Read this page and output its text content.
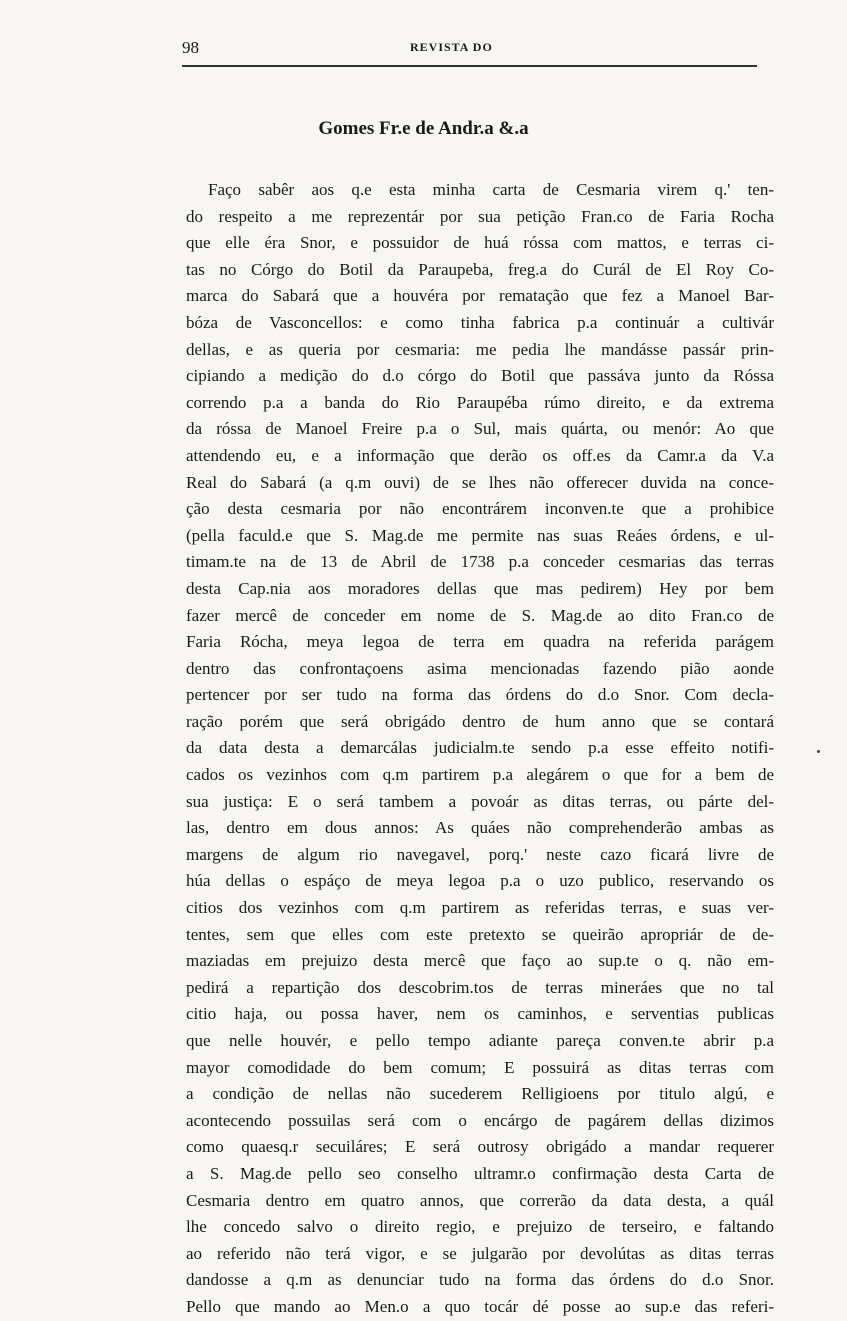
98	REVISTA DO
Gomes Fr.e de Andr.a &.a
Faço sabêr aos q.e esta minha carta de Cesmaria virem q.' ten-
do respeito a me reprezentár por sua petição Fran.co de Faria Rocha
que elle éra Snor, e possuidor de huá róssa com mattos, e terras ci-
tas no Córgo do Botil da Paraupeba, freg.a do Curál de El Roy Co-
marca do Sabará que a houvéra por rematação que fez a Manoel Bar-
bóza de Vasconcellos: e como tinha fabrica p.a continuár a cultivár
dellas, e as queria por cesmaria: me pedia lhe mandásse passár prin-
cipiando a medição do d.o córgo do Botil que passáva junto da Róssa
correndo p.a a banda do Rio Paraupéba rúmo direito, e da extrema
da róssa de Manoel Freire p.a o Sul, mais quárta, ou menór: Ao que
attendendo eu, e a informação que derão os off.es da Camr.a da V.a
Real do Sabará (a q.m ouvi) de se lhes não offerecer duvida na conce-
ção desta cesmaria por não encontrárem inconven.te que a prohibice
(pella faculd.e que S. Mag.de me permite nas suas Reáes órdens, e ul-
timam.te na de 13 de Abril de 1738 p.a conceder cesmarias das terras
desta Cap.nia aos moradores dellas que mas pedirem) Hey por bem
fazer mercê de conceder em nome de S. Mag.de ao dito Fran.co de
Faria Rócha, meya legoa de terra em quadra na referida parágem
dentro das confrontaçoens asima mencionadas fazendo pião aonde
pertencer por ser tudo na forma das órdens do d.o Snor. Com decla-
ração porém que será obrigádo dentro de hum anno que se contará
da data desta a demarcálas judicialm.te sendo p.a esse effeito notifi-
cados os vezinhos com q.m partirem p.a alegárem o que for a bem de
sua justiça: E o será tambem a povoár as ditas terras, ou párte del-
las, dentro em dous annos: As quáes não comprehenderão ambas as
margens de algum rio navegavel, porq.' neste cazo ficará livre de
húa dellas o espáço de meya legoa p.a o uzo publico, reservando os
citios dos vezinhos com q.m partirem as referidas terras, e suas ver-
tentes, sem que elles com este pretexto se queirão apropriár de de-
maziadas em prejuizo desta mercê que faço ao sup.te o q. não em-
pedirá a repartição dos descobrim.tos de terras mineráes que no tal
citio haja, ou possa haver, nem os caminhos, e serventias publicas
que nelle houvér, e pello tempo adiante pareça conven.te abrir p.a
mayor comodidade do bem comum; E possuirá as ditas terras com
a condição de nellas não sucederem Relligioens por titulo algú, e
acontecendo possuilas será com o encárgo de pagárem dellas dizimos
como quaesq.r secuiláres; E será outrosy obrigádo a mandar requerer
a S. Mag.de pello seo conselho ultramr.o confirmação desta Carta de
Cesmaria dentro em quatro annos, que correrão da data desta, a quál
lhe concedo salvo o direito regio, e prejuizo de terseiro, e faltando
ao referido não terá vigor, e se julgarão por devolútas as ditas terras
dandosse a q.m as denunciar tudo na forma das órdens do d.o Snor.
Pello que mando ao Men.o a quo tocár dé posse ao sup.e das referi-
